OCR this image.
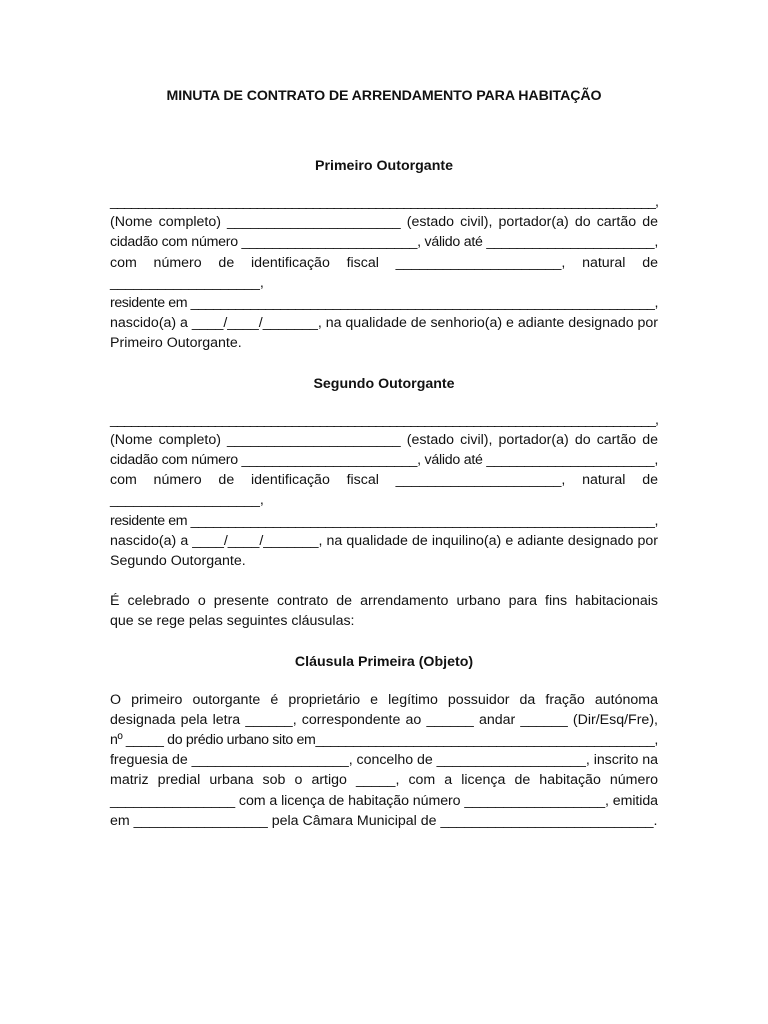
MINUTA DE CONTRATO DE ARRENDAMENTO PARA HABITAÇÃO
Primeiro Outorgante
______________________________________________________________________________,
(Nome completo) ______________________ (estado civil), portador(a) do cartão de
cidadão com número _______________________, válido até ______________________,
com número de identificação fiscal _____________________, natural de
___________________,
residente em ______________________________________________________________,
nascido(a) a ____/____/_______, na qualidade de senhorio(a) e adiante designado por
Primeiro Outorgante.
Segundo Outorgante
______________________________________________________________________________,
(Nome completo) ______________________ (estado civil), portador(a) do cartão de
cidadão com número _______________________, válido até ______________________,
com número de identificação fiscal _____________________, natural de
___________________,
residente em ______________________________________________________________,
nascido(a) a ____/____/_______, na qualidade de inquilino(a) e adiante designado por
Segundo Outorgante.
É celebrado o presente contrato de arrendamento urbano para fins habitacionais
que se rege pelas seguintes cláusulas:
Cláusula Primeira (Objeto)
O primeiro outorgante é proprietário e legítimo possuidor da fração autónoma
designada pela letra ______, correspondente ao ______ andar ______ (Dir/Esq/Fre),
nº _____ do prédio urbano sito em_____________________________________________,
freguesia de ____________________, concelho de ___________________, inscrito na
matriz predial urbana sob o artigo _____, com a licença de habitação número
________________ com a licença de habitação número __________________, emitida
em _________________ pela Câmara Municipal de ___________________________.
